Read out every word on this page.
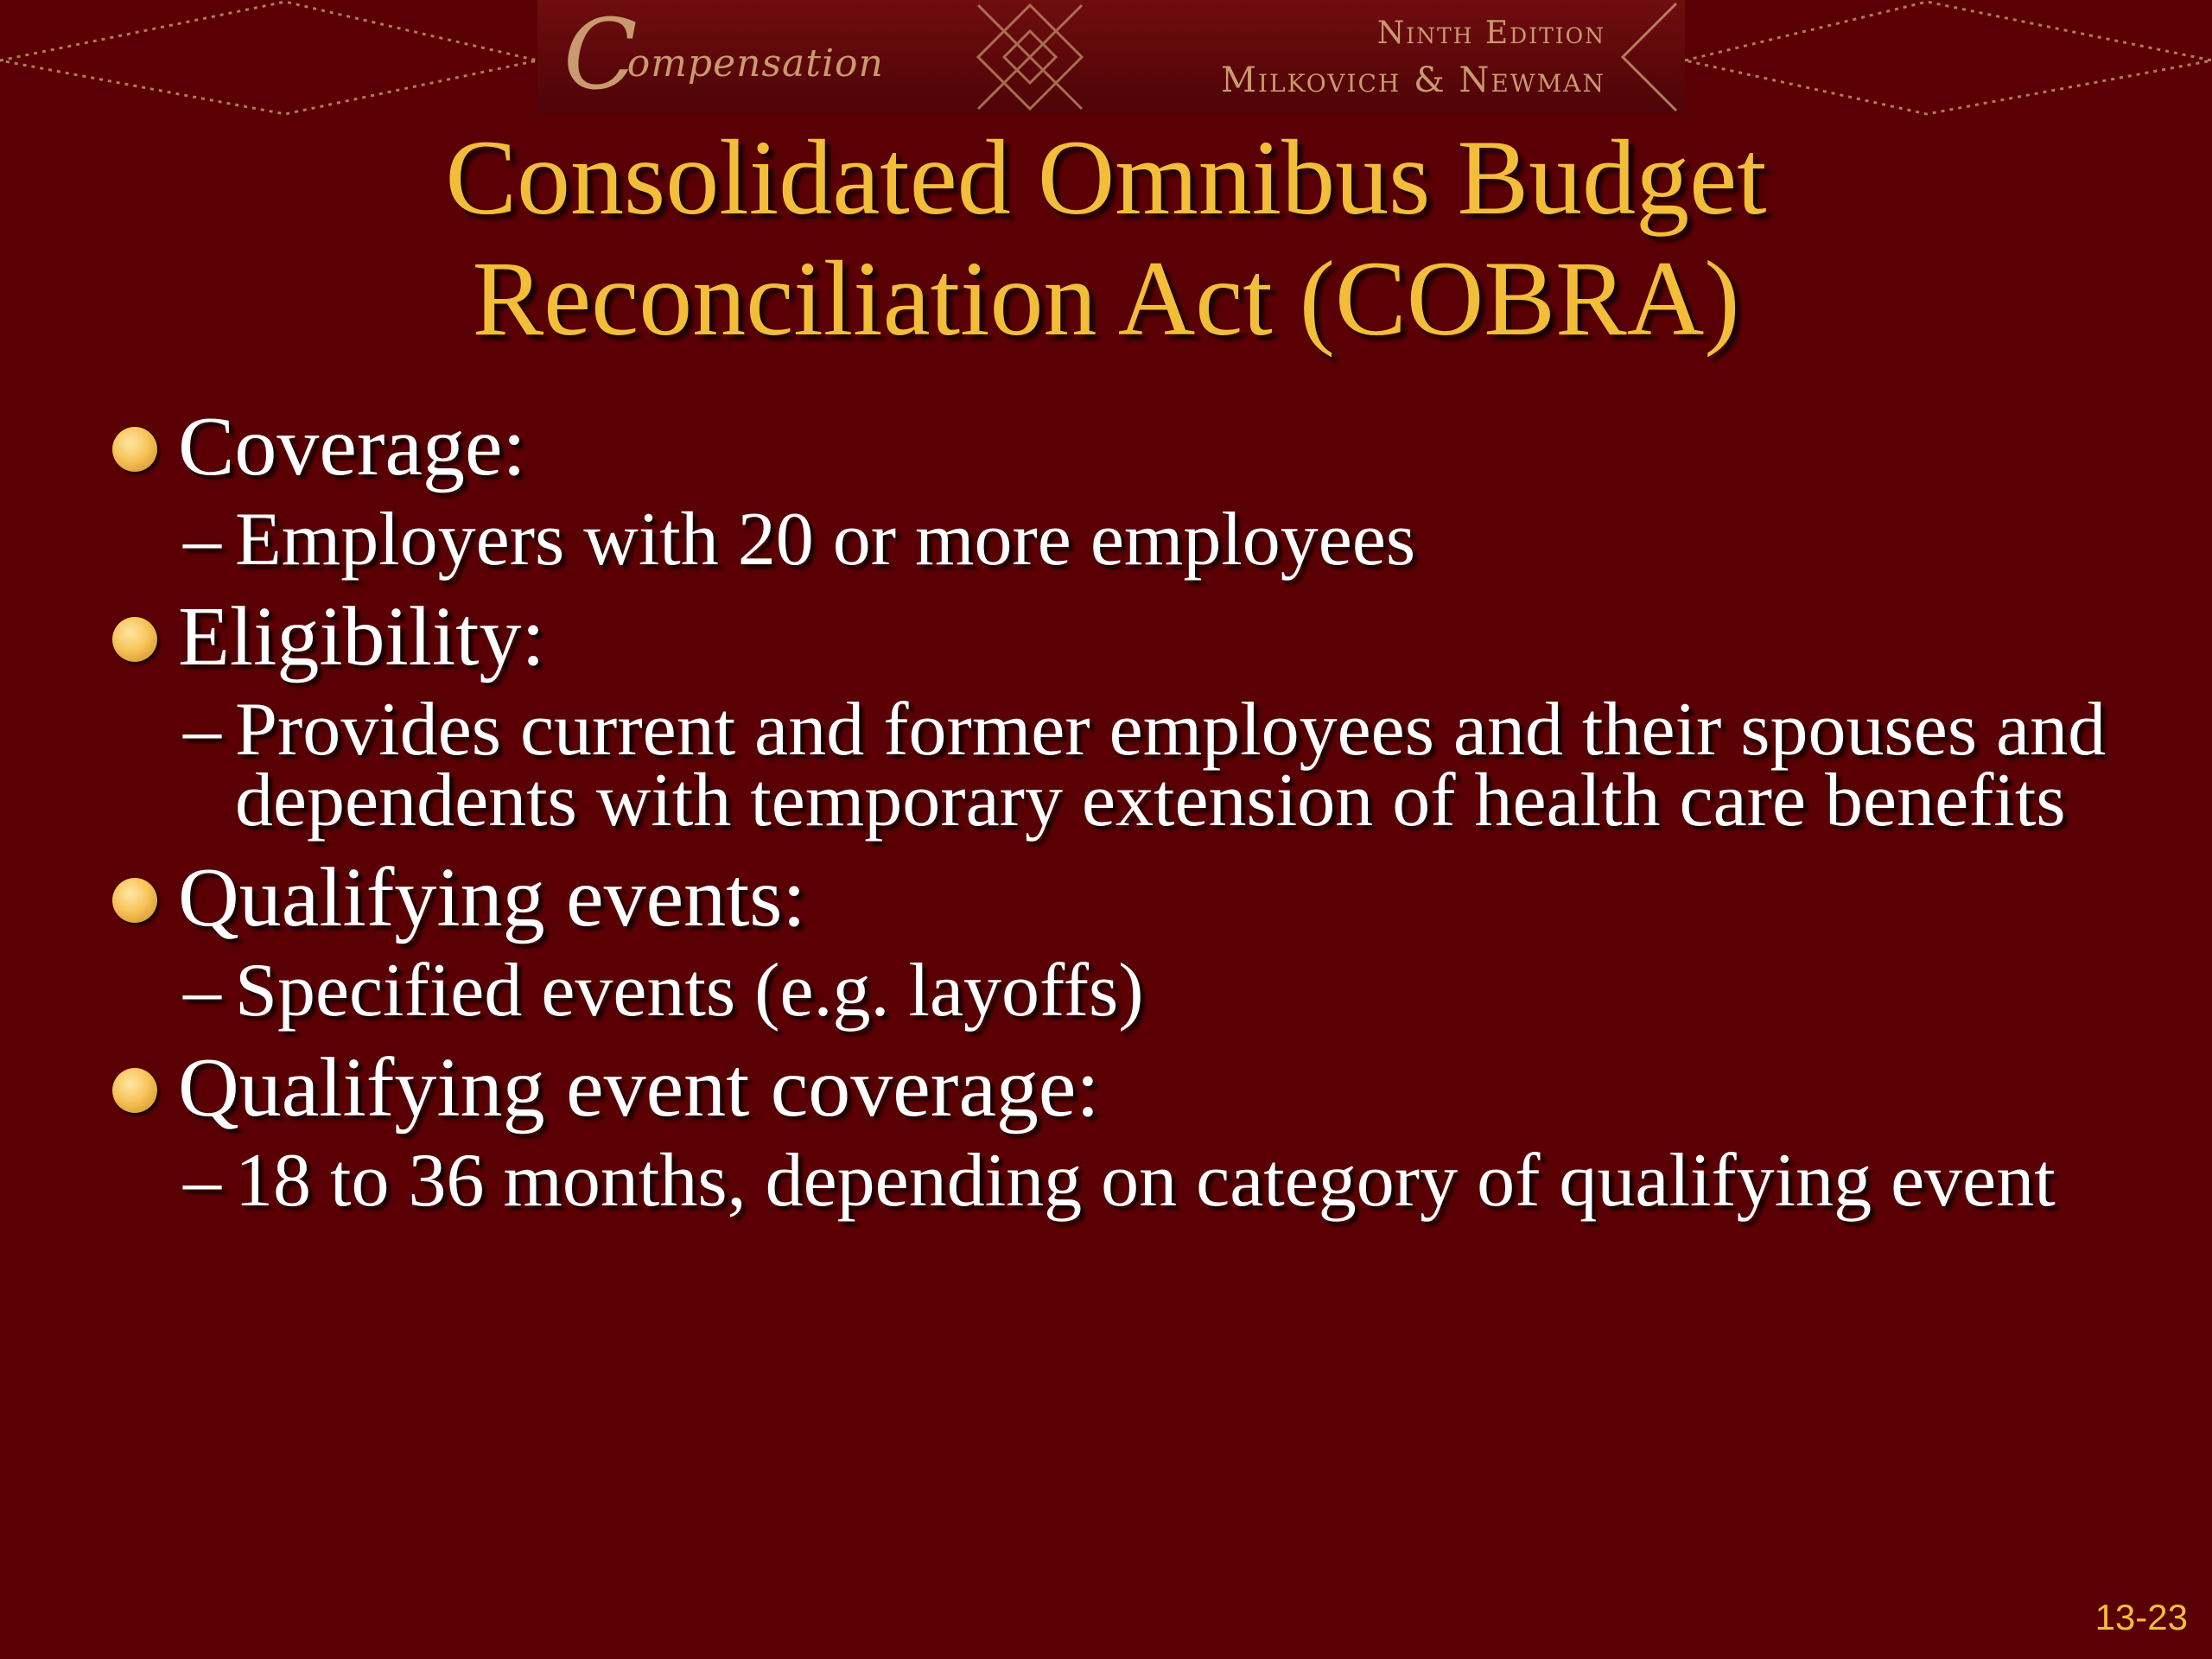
Compensation
Ninth Edition
Milkovich & Newman
Consolidated Omnibus Budget
Reconciliation Act (COBRA)
Coverage:
– Employers with 20 or more employees
Eligibility:
– Provides current and former employees and their spouses and dependents with temporary extension of health care benefits
Qualifying events:
– Specified events (e.g. layoffs)
Qualifying event coverage:
– 18 to 36 months, depending on category of qualifying event
13-23
